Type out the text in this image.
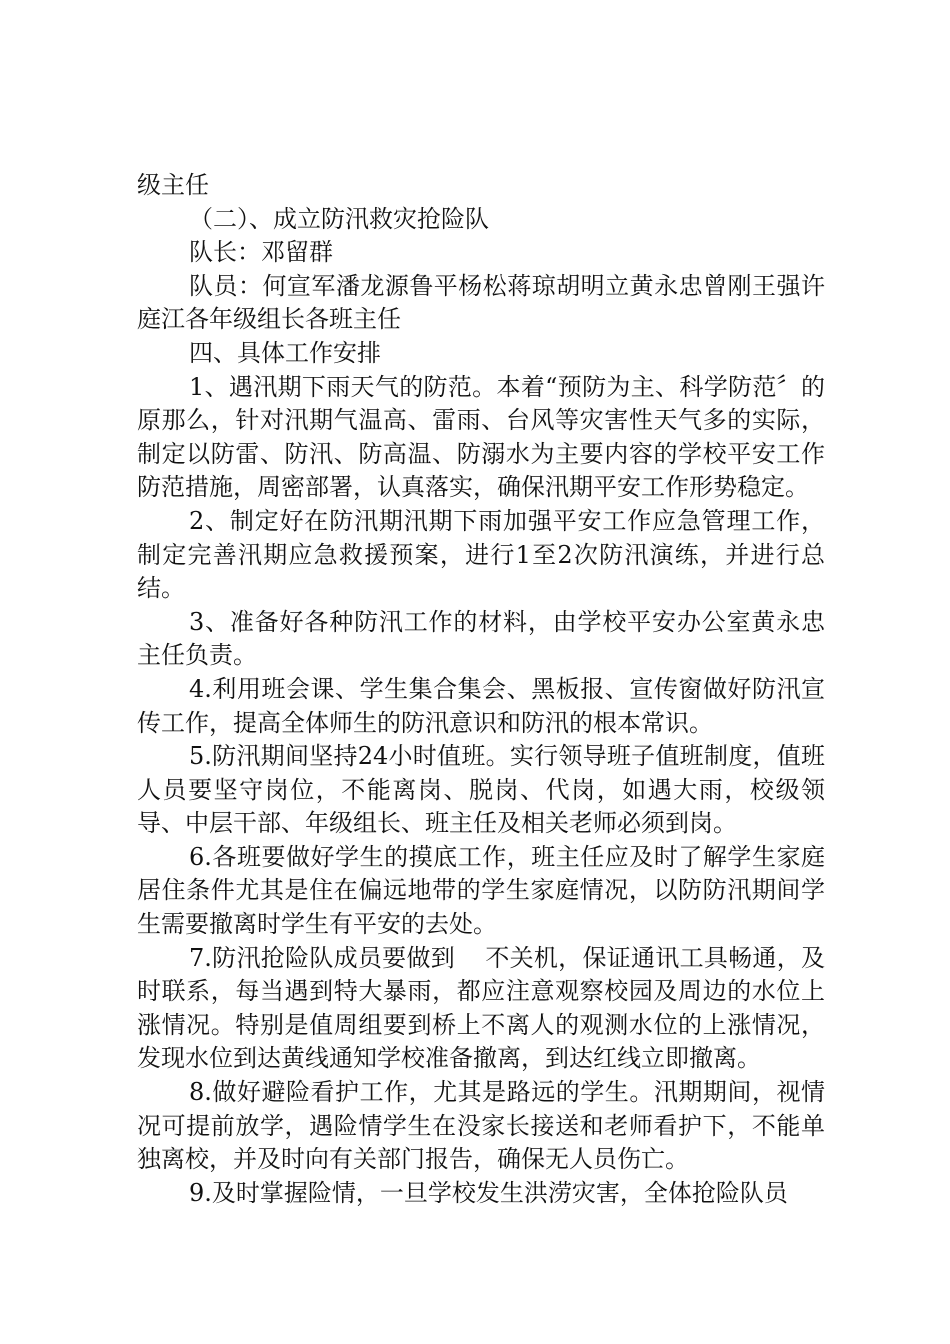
级主任

（二）、成立防汛救灾抢险队

队长：邓留群

队员：何宣军潘龙源鲁平杨松蒋琼胡明立黄永忠曾刚王强许庭江各年级组长各班主任

四、具体工作安排

1、遇汛期下雨天气的防范。本着“预防为主、科学防范〞的原那么，针对汛期气温高、雷雨、台风等灾害性天气多的实际，制定以防雷、防汛、防高温、防溺水为主要内容的学校平安工作防范措施，周密部署，认真落实，确保汛期平安工作形势稳定。

2、制定好在防汛期汛期下雨加强平安工作应急管理工作，制定完善汛期应急救援预案，进行1至2次防汛演练，并进行总结。

3、准备好各种防汛工作的材料，由学校平安办公室黄永忠主任负责。

4.利用班会课、学生集合集会、黑板报、宣传窗做好防汛宣传工作，提高全体师生的防汛意识和防汛的根本常识。

5.防汛期间坚持24小时值班。实行领导班子值班制度，值班人员要坚守岗位，不能离岗、脱岗、代岗，如遇大雨，校级领导、中层干部、年级组长、班主任及相关老师必须到岗。

6.各班要做好学生的摸底工作，班主任应及时了解学生家庭居住条件尤其是住在偏远地带的学生家庭情况，以防防汛期间学生需要撤离时学生有平安的去处。

7.防汛抢险队成员要做到 不关机，保证通讯工具畅通，及时联系，每当遇到特大暴雨，都应注意观察校园及周边的水位上涨情况。特别是值周组要到桥上不离人的观测水位的上涨情况，发现水位到达黄线通知学校准备撤离，到达红线立即撤离。

8.做好避险看护工作，尤其是路远的学生。汛期期间，视情况可提前放学，遇险情学生在没家长接送和老师看护下，不能单独离校，并及时向有关部门报告，确保无人员伤亡。

9.及时掌握险情，一旦学校发生洪涝灾害，全体抢险队员
